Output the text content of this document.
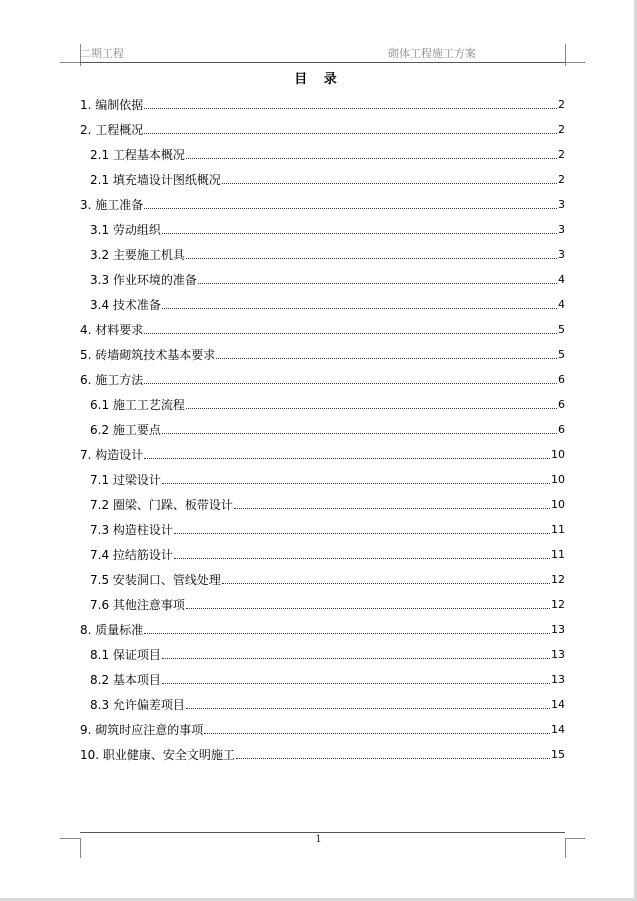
二期工程	砌体工程施工方案
目 录
1. 编制依据	2
2. 工程概况	2
2.1 工程基本概况	2
2.1 填充墙设计图纸概况	2
3. 施工准备	3
3.1 劳动组织	3
3.2 主要施工机具	3
3.3 作业环境的准备	4
3.4 技术准备	4
4. 材料要求	5
5. 砖墙砌筑技术基本要求	5
6. 施工方法	6
6.1 施工工艺流程	6
6.2 施工要点	6
7. 构造设计	10
7.1 过梁设计	10
7.2 圈梁、门跺、板带设计	10
7.3 构造柱设计	11
7.4 拉结筋设计	11
7.5 安装洞口、管线处理	12
7.6 其他注意事项	12
8. 质量标准	13
8.1 保证项目	13
8.2 基本项目	13
8.3 允许偏差项目	14
9. 砌筑时应注意的事项	14
10. 职业健康、安全文明施工	15
1
